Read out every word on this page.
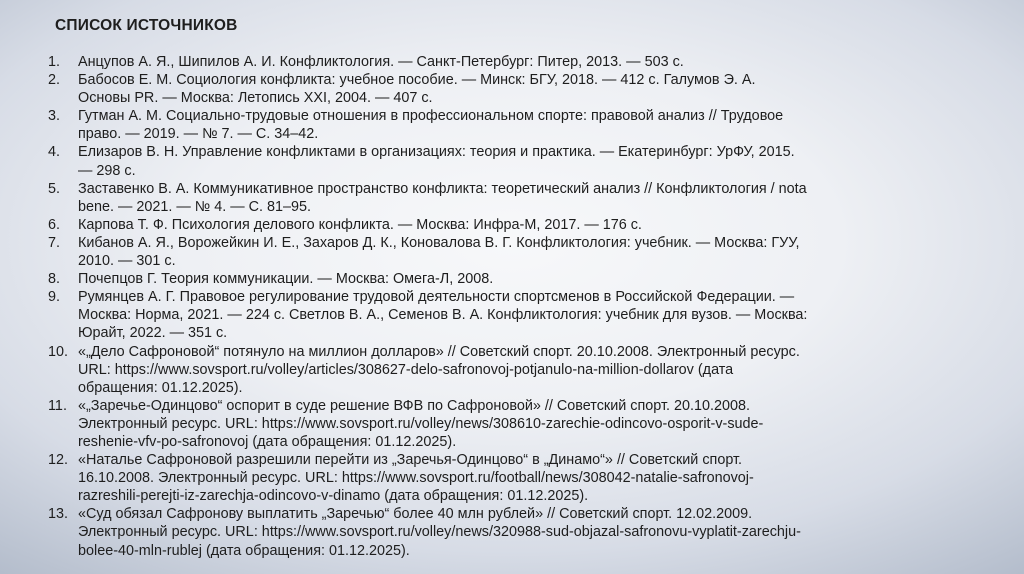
СПИСОК ИСТОЧНИКОВ
1.	Анцупов А. Я., Шипилов А. И. Конфликтология. — Санкт-Петербург: Питер, 2013. — 503 с.
2.	Бабосов Е. М. Социология конфликта: учебное пособие. — Минск: БГУ, 2018. — 412 с. Галумов Э. А.
Основы PR. — Москва: Летопись XXI, 2004. — 407 с.
3.	Гутман А. М. Социально-трудовые отношения в профессиональном спорте: правовой анализ // Трудовое
право. — 2019. — № 7. — С. 34–42.
4.	Елизаров В. Н. Управление конфликтами в организациях: теория и практика. — Екатеринбург: УрФУ, 2015.
— 298 с.
5.	Заставенко В. А. Коммуникативное пространство конфликта: теоретический анализ // Конфликтология / nota
bene. — 2021. — № 4. — С. 81–95.
6.	Карпова Т. Ф. Психология делового конфликта. — Москва: Инфра-М, 2017. — 176 с.
7.	Кибанов А. Я., Ворожейкин И. Е., Захаров Д. К., Коновалова В. Г. Конфликтология: учебник. — Москва: ГУУ,
2010. — 301 с.
8.	Почепцов Г. Теория коммуникации. — Москва: Омега-Л, 2008.
9.	Румянцев А. Г. Правовое регулирование трудовой деятельности спортсменов в Российской Федерации. —
Москва: Норма, 2021. — 224 с. Светлов В. А., Семенов В. А. Конфликтология: учебник для вузов. — Москва:
Юрайт, 2022. — 351 с.
10. «„Дело Сафроновой“ потянуло на миллион долларов» // Советский спорт. 20.10.2008. Электронный ресурс.
URL: https://www.sovsport.ru/volley/articles/308627-delo-safronovoj-potjanulo-na-million-dollarov (дата
обращения: 01.12.2025).
11. «„Заречье-Одинцово“ оспорит в суде решение ВФВ по Сафроновой» // Советский спорт. 20.10.2008.
Электронный ресурс. URL: https://www.sovsport.ru/volley/news/308610-zarechie-odincovo-osporit-v-sude-
reshenie-vfv-po-safronovoj (дата обращения: 01.12.2025).
12. «Наталье Сафроновой разрешили перейти из „Заречья-Одинцово“ в „Динамо“» // Советский спорт.
16.10.2008. Электронный ресурс. URL: https://www.sovsport.ru/football/news/308042-natalie-safronovoj-
razreshili-perejti-iz-zarechja-odincovo-v-dinamo (дата обращения: 01.12.2025).
13. «Суд обязал Сафронову выплатить „Заречью“ более 40 млн рублей» // Советский спорт. 12.02.2009.
Электронный ресурс. URL: https://www.sovsport.ru/volley/news/320988-sud-objazal-safronovu-vyplatit-zarechju-
bolee-40-mln-rublej (дата обращения: 01.12.2025).
